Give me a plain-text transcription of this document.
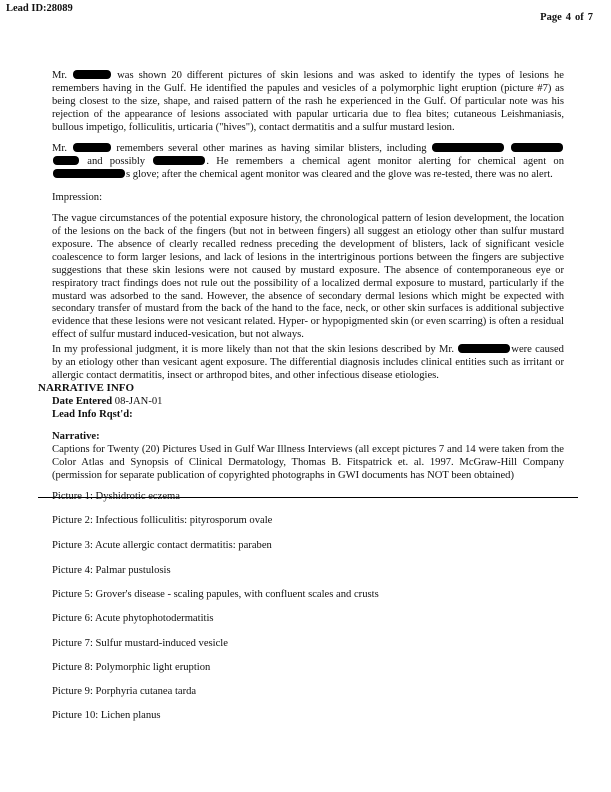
Lead ID:28089
Page 4 of 7
Mr.	was shown 20 different pictures of skin lesions and was asked to identify the types of lesions he remembers having in the Gulf. He identified the papules and vesicles of a polymorphic light eruption (picture #7) as being closest to the size, shape, and raised pattern of the rash he experienced in the Gulf. Of particular note was his rejection of the appearance of lesions associated with papular urticaria due to flea bites; cutaneous Leishmaniasis, bullous impetigo, folliculitis, urticaria ("hives"), contact dermatitis and a sulfur mustard lesion.
Mr.	remembers several other marines as having similar blisters, including    and possibly	. He remembers a chemical agent monitor alerting for chemical agent on s glove; after the chemical agent monitor was cleared and the glove was re-tested, there was no alert.
Impression:
The vague circumstances of the potential exposure history, the chronological pattern of lesion development, the location of the lesions on the back of the fingers (but not in between fingers) all suggest an etiology other than sulfur mustard exposure. The absence of clearly recalled redness preceding the development of blisters, lack of significant vesicle coalescence to form larger lesions, and lack of lesions in the intertriginous portions between the fingers are subjective suggestions that these skin lesions were not caused by mustard exposure. The absence of contemporaneous eye or respiratory tract findings does not rule out the possibility of a localized dermal exposure to mustard, particularly if the mustard was adsorbed to the sand. However, the absence of secondary dermal lesions which might be expected with secondary transfer of mustard from the back of the hand to the face, neck, or other skin surfaces is additional subjective evidence that these lesions were not vesicant related. Hyper- or hypopigmented skin (or even scarring) is often a residual effect of sulfur mustard induced-vesication, but not always.
In my professional judgment, it is more likely than not that the skin lesions described by Mr.	were caused by an etiology other than vesicant agent exposure. The differential diagnosis includes clinical entities such as irritant or allergic contact dermatitis, insect or arthropod bites, and other infectious disease etiologies.
NARRATIVE INFO
Date Entered 08-JAN-01
Lead Info Rqst'd:
Narrative:
Captions for Twenty (20) Pictures Used in Gulf War Illness Interviews (all except pictures 7 and 14 were taken from the Color Atlas and Synopsis of Clinical Dermatology, Thomas B. Fitspatrick et. al. 1997. McGraw-Hill Company (permission for separate publication of copyrighted photographs in GWI documents has NOT been obtained)
Picture 1: Dyshidrotic eczema
Picture 2: Infectious folliculitis: pityrosporum ovale
Picture 3: Acute allergic contact dermatitis: paraben
Picture 4: Palmar pustulosis
Picture 5: Grover's disease - scaling papules, with confluent scales and crusts
Picture 6: Acute phytophotodermatitis
Picture 7: Sulfur mustard-induced vesicle
Picture 8: Polymorphic light eruption
Picture 9: Porphyria cutanea tarda
Picture 10: Lichen planus
